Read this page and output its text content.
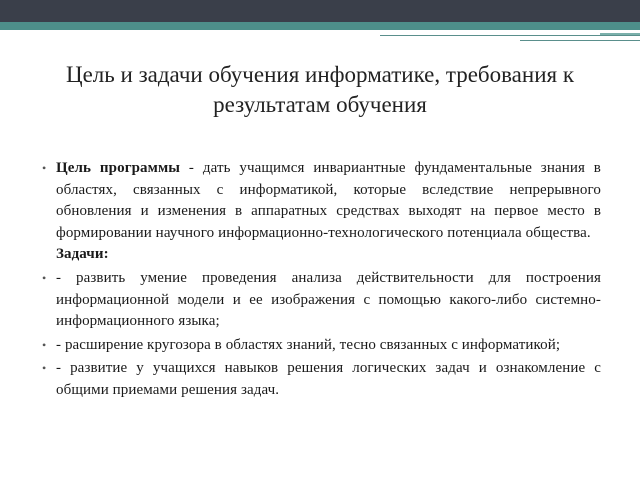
Цель и задачи обучения информатике, требования к результатам обучения
• Цель программы - дать учащимся инвариантные фундаментальные знания в областях, связанных с информатикой, которые вследствие непрерывного обновления и изменения в аппаратных средствах выходят на первое место в формировании научного информационно-технологического потенциала общества.
Задачи:
• - развить умение проведения анализа действительности для построения информационной модели и ее изображения с помощью какого-либо системно-информационного языка;
• - расширение кругозора в областях знаний, тесно связанных с информатикой;
• - развитие у учащихся навыков решения логических задач и ознакомление с общими приемами решения задач.
